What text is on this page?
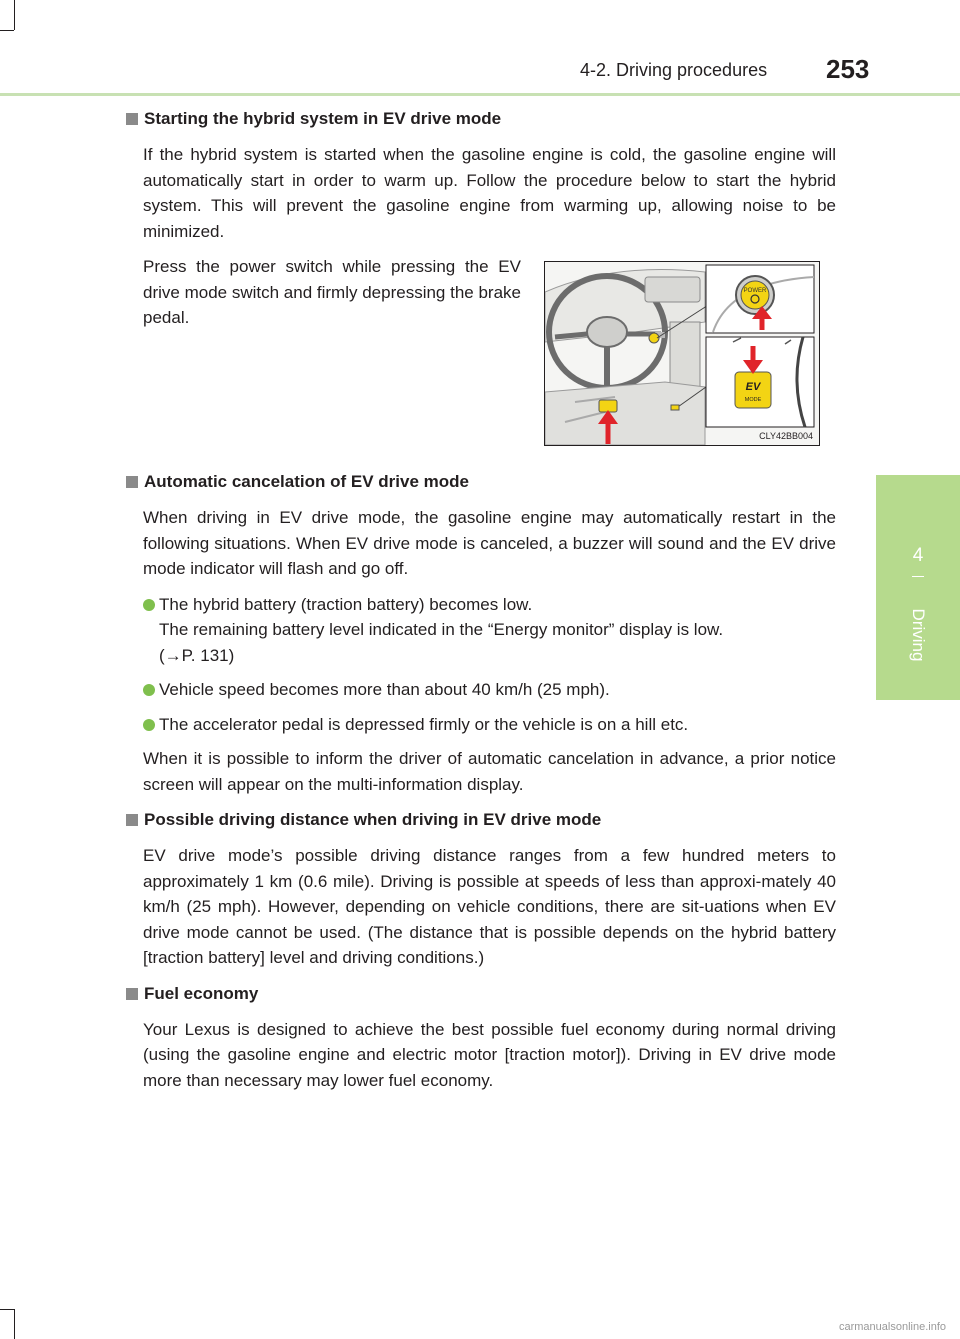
4-2. Driving procedures 253
4
Driving
Starting the hybrid system in EV drive mode

If the hybrid system is started when the gasoline engine is cold, the gasoline engine will automatically start in order to warm up. Follow the procedure below to start the hybrid system. This will prevent the gasoline engine from warming up, allowing noise to be minimized.

Press the power switch while pressing the EV drive mode switch and firmly depressing the brake pedal.
POWER
EV
MODE
CLY42BB004
Automatic cancelation of EV drive mode

When driving in EV drive mode, the gasoline engine may automatically restart in the following situations. When EV drive mode is canceled, a buzzer will sound and the EV drive mode indicator will flash and go off.

The hybrid battery (traction battery) becomes low.
The remaining battery level indicated in the “Energy monitor” display is low.
(→P. 131)
Vehicle speed becomes more than about 40 km/h (25 mph).
The accelerator pedal is depressed firmly or the vehicle is on a hill etc.

When it is possible to inform the driver of automatic cancelation in advance, a prior notice screen will appear on the multi-information display.

Possible driving distance when driving in EV drive mode

EV drive mode’s possible driving distance ranges from a few hundred meters to approximately 1 km (0.6 mile). Driving is possible at speeds of less than approxi-mately 40 km/h (25 mph). However, depending on vehicle conditions, there are sit-uations when EV drive mode cannot be used. (The distance that is possible depends on the hybrid battery [traction battery] level and driving conditions.)

Fuel economy

Your Lexus is designed to achieve the best possible fuel economy during normal driving (using the gasoline engine and electric motor [traction motor]). Driving in EV drive mode more than necessary may lower fuel economy.

carmanualsonline.info
